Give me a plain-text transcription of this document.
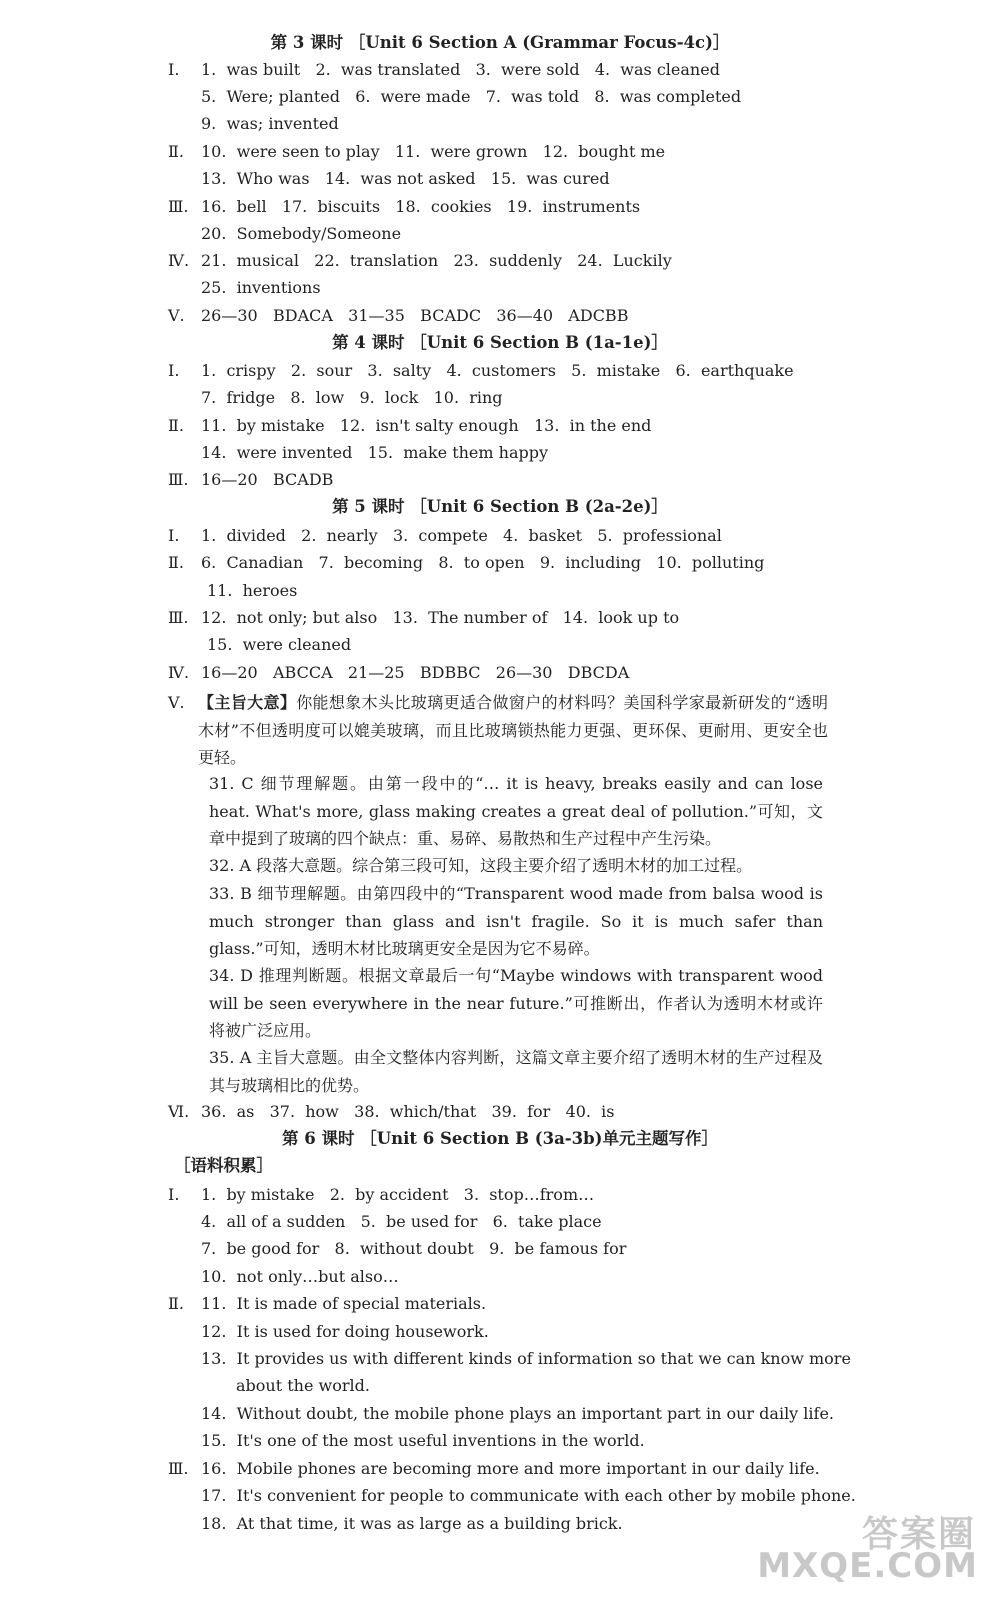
第 3 课时 ［Unit 6 Section A (Grammar Focus-4c)］
Ⅰ.	1.  was built   2.  was translated   3.  were sold   4.  was cleaned
5.  Were; planted   6.  were made   7.  was told   8.  was completed
9.  was; invented
Ⅱ.	10.  were seen to play   11.  were grown   12.  bought me
13.  Who was   14.  was not asked   15.  was cured
Ⅲ. 16.  bell   17.  biscuits   18.  cookies   19.  instruments
20.  Somebody/Someone
Ⅳ. 21.  musical   22.  translation   23.  suddenly   24.  Luckily
25.  inventions
Ⅴ.	26—30   BDACA   31—35   BCADC   36—40   ADCBB
第 4 课时 ［Unit 6 Section B (1a-1e)］
Ⅰ.	1.  crispy   2.  sour   3.  salty   4.  customers   5.  mistake   6.  earthquake
7.  fridge   8.  low   9.  lock   10.  ring
Ⅱ.	11.  by mistake   12.  isn't salty enough   13.  in the end
14.  were invented   15.  make them happy
Ⅲ. 16—20   BCADB
第 5 课时 ［Unit 6 Section B (2a-2e)］
Ⅰ.	1.  divided   2.  nearly   3.  compete   4.  basket   5.  professional
Ⅱ.	6.  Canadian   7.  becoming   8.  to open   9.  including   10.  polluting
11.  heroes
Ⅲ. 12.  not only; but also   13.  The number of   14.  look up to
15.  were cleaned
Ⅳ. 16—20   ABCCA   21—25   BDBBC   26—30   DBCDA
Ⅴ. 【主旨大意】你能想象木头比玻璃更适合做窗户的材料吗？美国科学家最新研发的“透明木材”不但透明度可以媲美玻璃，而且比玻璃锁热能力更强、更环保、更耐用、更安全也更轻。
31. C 细节理解题。由第一段中的“… it is heavy, breaks easily and can lose heat. What's more, glass making creates a great deal of pollution.”可知，文章中提到了玻璃的四个缺点：重、易碎、易散热和生产过程中产生污染。
32. A 段落大意题。综合第三段可知，这段主要介绍了透明木材的加工过程。
33. B 细节理解题。由第四段中的“Transparent wood made from balsa wood is much stronger than glass and isn't fragile. So it is much safer than glass.”可知，透明木材比玻璃更安全是因为它不易碎。
34. D 推理判断题。根据文章最后一句“Maybe windows with transparent wood will be seen everywhere in the near future.”可推断出，作者认为透明木材或许将被广泛应用。
35. A 主旨大意题。由全文整体内容判断，这篇文章主要介绍了透明木材的生产过程及其与玻璃相比的优势。
Ⅵ. 36.  as   37.  how   38.  which/that   39.  for   40.  is
第 6 课时 ［Unit 6 Section B (3a-3b)单元主题写作］
［语料积累］
Ⅰ.	1.  by mistake   2.  by accident   3.  stop…from…
4.  all of a sudden   5.  be used for   6.  take place
7.  be good for   8.  without doubt   9.  be famous for
10.  not only…but also…
Ⅱ.	11.  It is made of special materials.
12.  It is used for doing housework.
13.  It provides us with different kinds of information so that we can know more
about the world.
14.  Without doubt, the mobile phone plays an important part in our daily life.
15.  It's one of the most useful inventions in the world.
Ⅲ. 16.  Mobile phones are becoming more and more important in our daily life.
17.  It's convenient for people to communicate with each other by mobile phone.
18.  At that time, it was as large as a building brick.	答案圈
MXQE.COM
